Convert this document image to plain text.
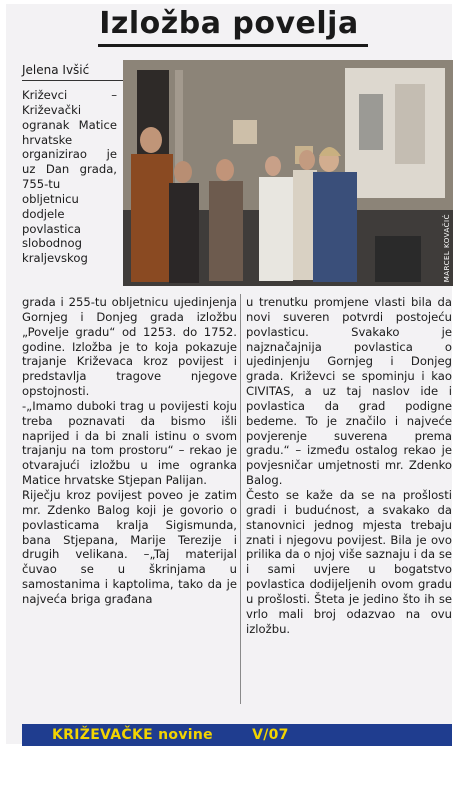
Izložba povelja
Jelena Ivšić
MARCEL KOVAČIĆ

Križevci – Križevački ogranak Matice hrvatske organizirao je uz Dan grada, 755-tu obljetnicu dodjele povlastica slobodnog kraljevskog

grada i 255-tu obljetnicu ujedinjenja Gornjeg i Donjeg grada izložbu „Povelje gradu“ od 1253. do 1752. godine. Izložba je to koja pokazuje trajanje Križevaca kroz povijest i predstavlja tragove njegove opstojnosti.

-„Imamo duboki trag u povijesti koju treba poznavati da bismo išli naprijed i da bi znali istinu o svom trajanju na tom prostoru“ – rekao je otvarajući izložbu u ime ogranka Matice hrvatske Stjepan Palijan.

Riječju kroz povijest poveo je zatim mr. Zdenko Balog koji je govorio o povlasticama kralja Sigismunda, bana Stjepana, Marije Terezije i drugih velikana. –„Taj materijal čuvao se u škrinjama u samostanima i kaptolima, tako da je najveća briga građana

u trenutku promjene vlasti bila da novi suveren potvrdi postojeću povlasticu. Svakako je najznačajnija povlastica o ujedinjenju Gornjeg i Donjeg grada. Križevci se spominju i kao CIVITAS, a uz taj naslov ide i povlastica da grad podigne bedeme. To je značilo i najveće povjerenje suverena prema gradu.“ – između ostalog rekao je povjesničar umjetnosti mr. Zdenko Balog.

Često se kaže da se na prošlosti gradi i budućnost, a svakako da stanovnici jednog mjesta trebaju znati i njegovu povijest. Bila je ovo prilika da o njoj više saznaju i da se i sami uvjere u bogatstvo povlastica dodijeljenih ovom gradu u prošlosti. Šteta je jedino što ih se vrlo mali broj odazvao na ovu izložbu.

KRIŽEVAČKE novine	V/07
